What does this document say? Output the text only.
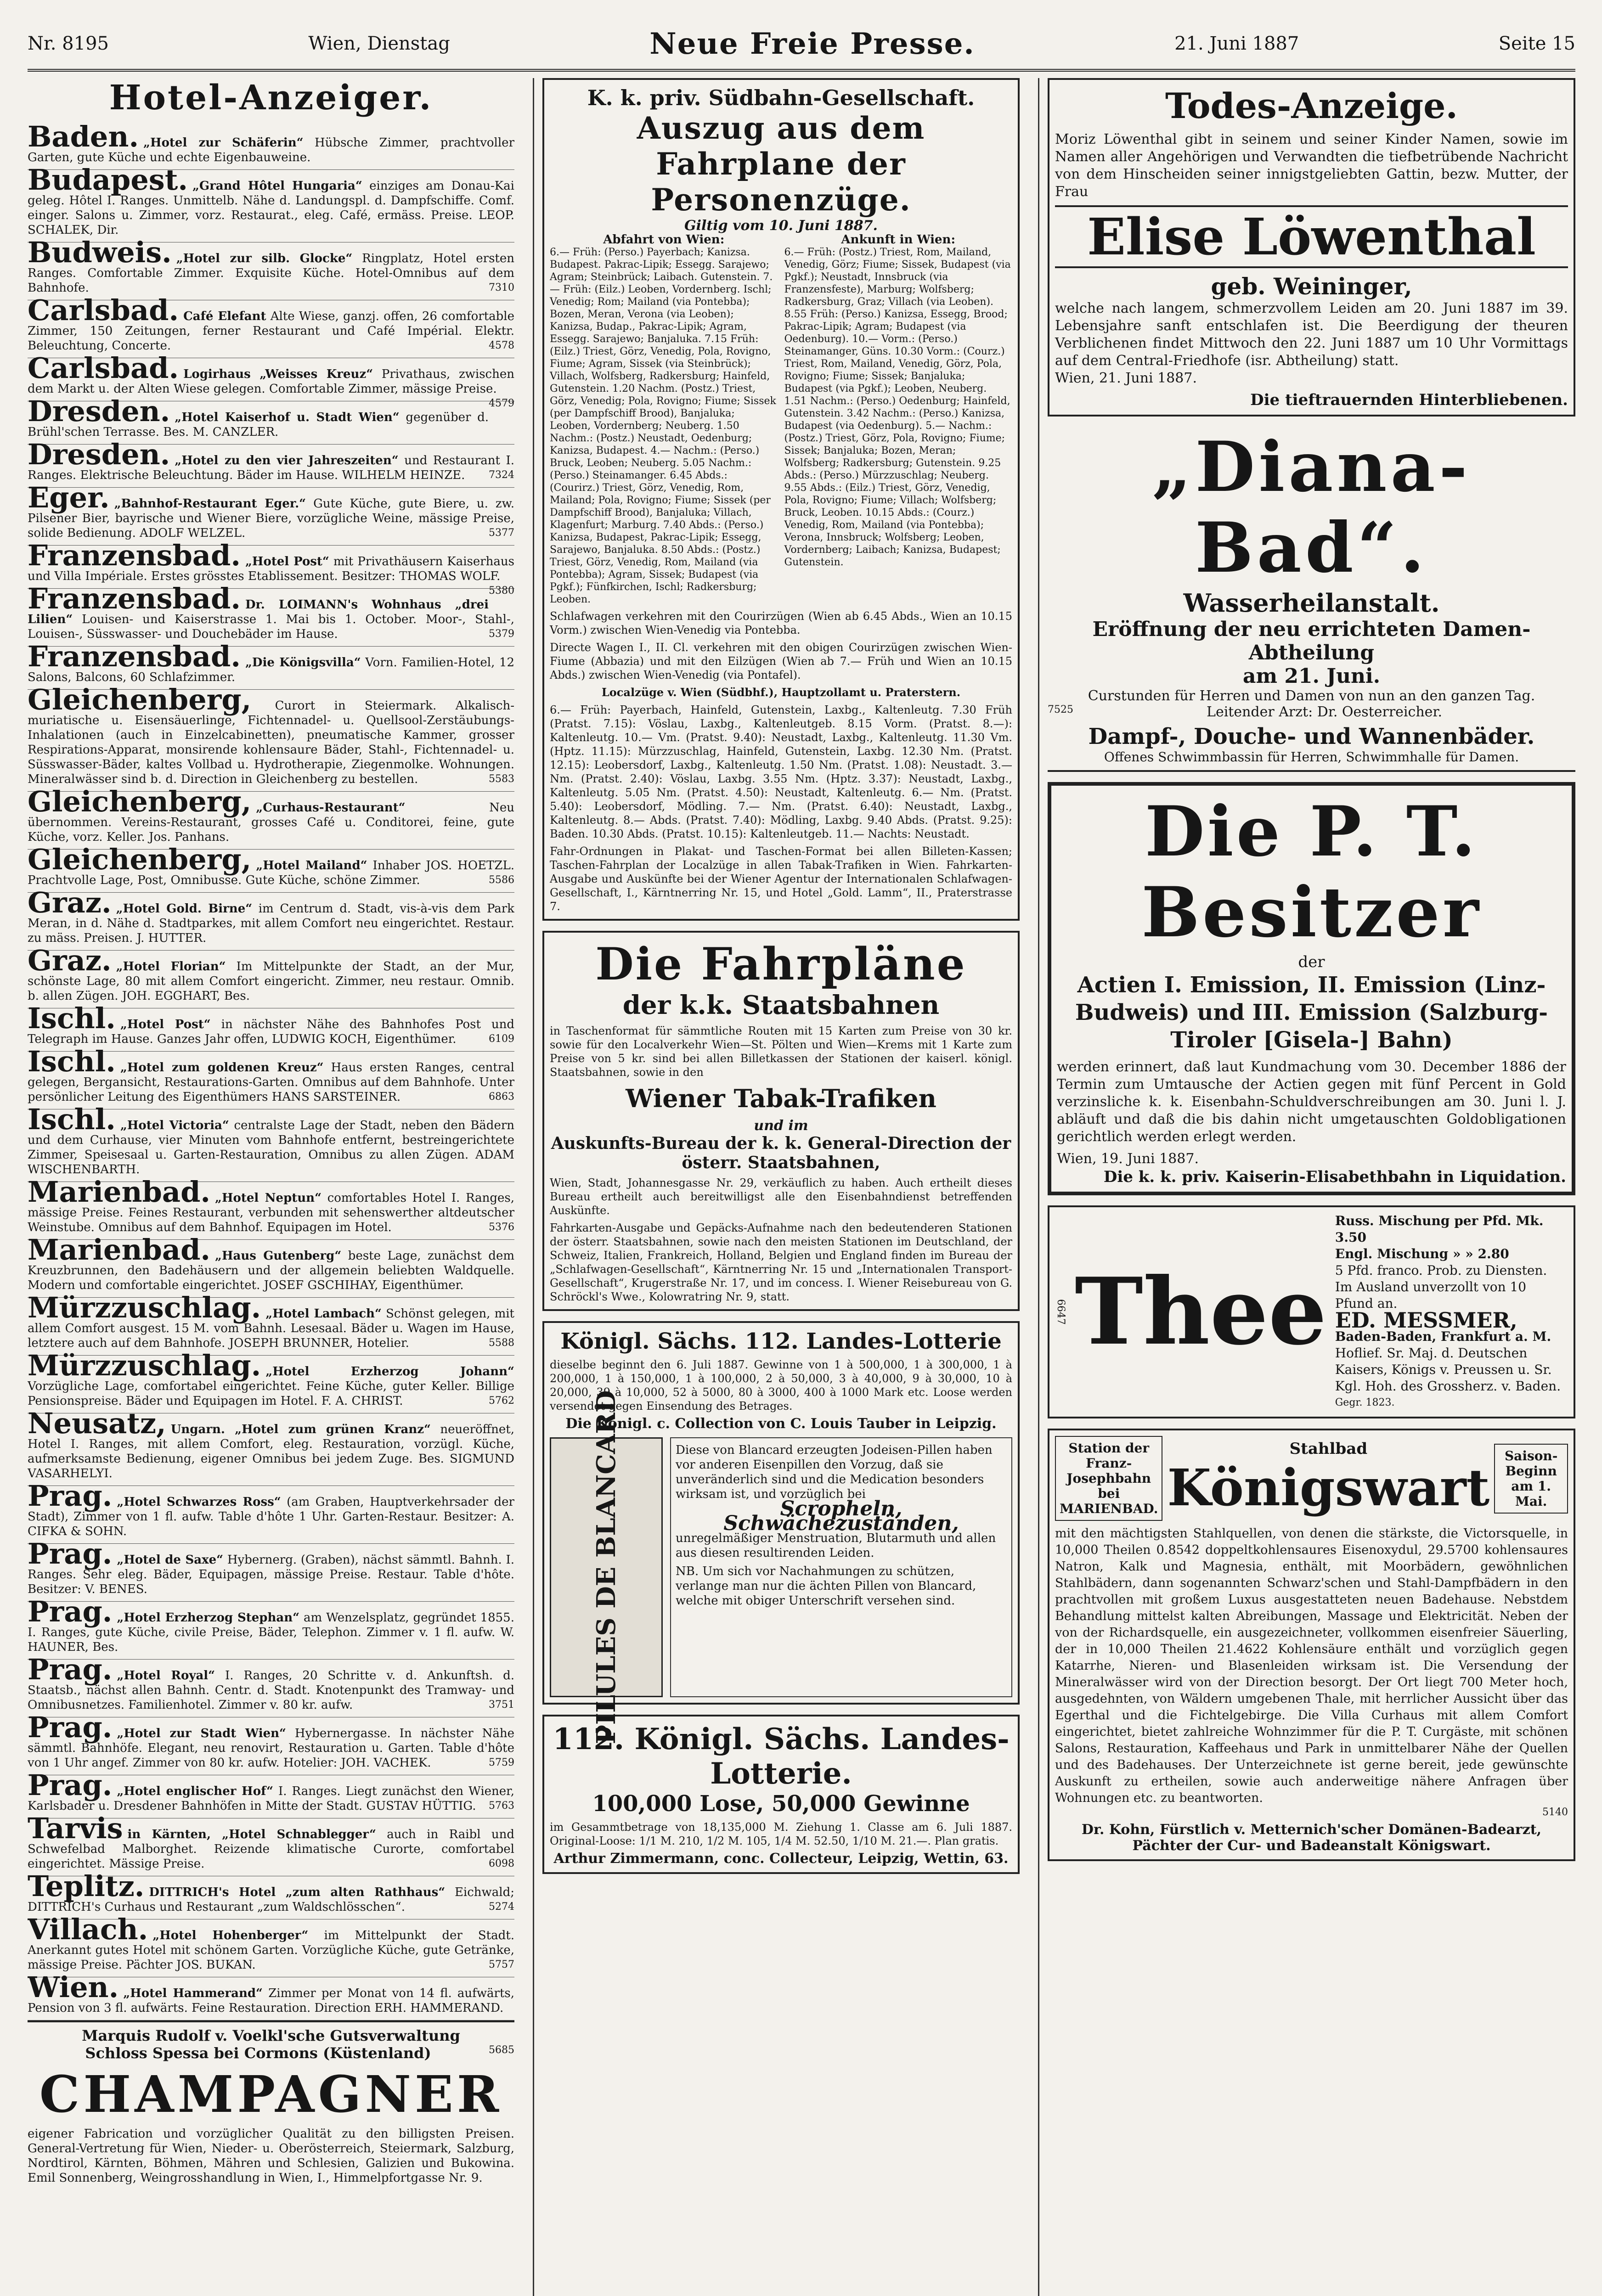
Nr. 8195	Wien, Dienstag	Neue Freie Presse.	21. Juni 1887	Seite 15
Hotel-Anzeiger.
Baden. „Hotel zur Schäferin“ Hübsche Zimmer, prachtvoller Garten, gute Küche und echte Eigenbauweine.
Budapest. „Grand Hôtel Hungaria“ einziges am Donau-Kai geleg. Hôtel I. Ranges. Unmittelb. Nähe d. Landungspl. d. Dampfschiffe. Comf. einger. Salons u. Zimmer, vorz. Restaurat., eleg. Café, ermäss. Preise. LEOP. SCHALEK, Dir.
Budweis. „Hotel zur silb. Glocke“ Ringplatz, Hotel ersten Ranges. Comfortable Zimmer. Exquisite Küche. Hotel-Omnibus auf dem Bahnhofe.	7310
Carlsbad. Café Elefant Alte Wiese, ganzj. offen, 26 comfortable Zimmer, 150 Zeitungen, ferner Restaurant und Café Impérial. Elektr. Beleuchtung, Concerte.	4578
Carlsbad. Logirhaus „Weisses Kreuz“ Privathaus, zwischen dem Markt u. der Alten Wiese gelegen. Comfortable Zimmer, mässige Preise.
4579
Dresden. „Hotel Kaiserhof u. Stadt Wien“ gegenüber d. Brühl'schen Terrasse. Bes. M. CANZLER.
Dresden. „Hotel zu den vier Jahreszeiten“ und Restaurant I. Ranges. Elektrische Beleuchtung. Bäder im Hause. WILHELM HEINZE. 7324
Eger. „Bahnhof-Restaurant Eger.“ Gute Küche, gute Biere, u. zw. Pilsener Bier, bayrische und Wiener Biere, vorzügliche Weine, mässige Preise, solide Bedienung. ADOLF WELZEL.	5377
Franzensbad. „Hotel Post“ mit Privathäusern Kaiserhaus und Villa Impériale. Erstes grösstes Etablissement. Besitzer: THOMAS WOLF.
5380
Franzensbad. Dr. LOIMANN's Wohnhaus „drei Lilien“ Louisen- und Kaiserstrasse 1. Mai bis 1. October. Moor-, Stahl-, Louisen-, Süsswasser- und Douchebäder im Hause.	5379
Franzensbad. „Die Königsvilla“ Vorn. Familien-Hotel, 12 Salons, Balcons, 60 Schlafzimmer.
Gleichenberg, Curort in Steiermark. Alkalisch-muriatische u. Eisensäuerlinge, Fichtennadel- u. Quellsool-Zerstäubungs-Inhalationen (auch in Einzelcabinetten), pneumatische Kammer, grosser Respirations-Apparat, monsirende kohlensaure Bäder, Stahl-, Fichtennadel- u. Süsswasser-Bäder, kaltes Vollbad u. Hydrotherapie, Ziegenmolke. Wohnungen. Mineralwässer sind b. d. Direction in Gleichenberg zu bestellen.	5583
Gleichenberg, „Curhaus-Restaurant“	Neu übernommen. Vereins-Restaurant, grosses Café u. Conditorei, feine, gute Küche, vorz. Keller. Jos. Panhans.
Gleichenberg, „Hotel Mailand“ Inhaber JOS. HOETZL. Prachtvolle Lage, Post, Omnibusse. Gute Küche, schöne Zimmer.	5586
Graz. „Hotel Gold. Birne“ im Centrum d. Stadt, vis-à-vis dem Park Meran, in d. Nähe d. Stadtparkes, mit allem Comfort neu eingerichtet. Restaur. zu mäss. Preisen. J. HUTTER.
Graz. „Hotel Florian“ Im Mittelpunkte der Stadt, an der Mur, schönste Lage, 80 mit allem Comfort eingericht. Zimmer, neu restaur. Omnib. b. allen Zügen. JOH. EGGHART, Bes.
Ischl. „Hotel Post“ in nächster Nähe des Bahnhofes Post und Telegraph im Hause. Ganzes Jahr offen, LUDWIG KOCH, Eigenthümer.	6109
Ischl. „Hotel zum goldenen Kreuz“ Haus ersten Ranges, central gelegen, Bergansicht, Restaurations-Garten. Omnibus auf dem Bahnhofe. Unter persönlicher Leitung des Eigenthümers HANS SARSTEINER.	6863
Ischl. „Hotel Victoria“ centralste Lage der Stadt, neben den Bädern und dem Curhause, vier Minuten vom Bahnhofe entfernt, bestreingerichtete Zimmer, Speisesaal u. Garten-Restauration, Omnibus zu allen Zügen. ADAM WISCHENBARTH.
Marienbad. „Hotel Neptun“ comfortables Hotel I. Ranges, mässige Preise. Feines Restaurant, verbunden mit sehenswerther altdeutscher Weinstube. Omnibus auf dem Bahnhof. Equipagen im Hotel.	5376
Marienbad. „Haus Gutenberg“ beste Lage, zunächst dem Kreuzbrunnen, den Badehäusern und der allgemein beliebten Waldquelle. Modern und comfortable eingerichtet. JOSEF GSCHIHAY, Eigenthümer.
Mürzzuschlag. „Hotel Lambach“ Schönst gelegen, mit allem Comfort ausgest. 15 M. vom Bahnh. Lesesaal. Bäder u. Wagen im Hause, letztere auch auf dem Bahnhofe. JOSEPH BRUNNER, Hotelier.	5588
Mürzzuschlag. „Hotel Erzherzog Johann“ Vorzügliche Lage, comfortabel eingerichtet. Feine Küche, guter Keller. Billige Pensionspreise. Bäder und Equipagen im Hotel. F. A. CHRIST.	5762
Neusatz, Ungarn. „Hotel zum grünen Kranz“ neueröffnet, Hotel I. Ranges, mit allem Comfort, eleg. Restauration, vorzügl. Küche, aufmerksamste Bedienung, eigener Omnibus bei jedem Zuge. Bes. SIGMUND VASARHELYI.
Prag. „Hotel Schwarzes Ross“ (am Graben, Hauptverkehrsader der Stadt), Zimmer von 1 fl. aufw. Table d'hôte 1 Uhr. Garten-Restaur. Besitzer: A. CIFKA & SOHN.
Prag. „Hotel de Saxe“ Hybernerg. (Graben), nächst sämmtl. Bahnh. I. Ranges. Sehr eleg. Bäder, Equipagen, mässige Preise. Restaur. Table d'hôte. Besitzer: V. BENES.
Prag. „Hotel Erzherzog Stephan“ am Wenzelsplatz, gegründet 1855. I. Ranges, gute Küche, civile Preise, Bäder, Telephon. Zimmer v. 1 fl. aufw. W. HAUNER, Bes.
Prag. „Hotel Royal“ I. Ranges, 20 Schritte v. d. Ankunftsh. d. Staatsb., nächst allen Bahnh. Centr. d. Stadt. Knotenpunkt des Tramway- und Omnibusnetzes. Familienhotel. Zimmer v. 80 kr. aufw.	3751
Prag. „Hotel zur Stadt Wien“ Hybernergasse. In nächster Nähe sämmtl. Bahnhöfe. Elegant, neu renovirt, Restauration u. Garten. Table d'hôte von 1 Uhr angef. Zimmer von 80 kr. aufw. Hotelier: JOH. VACHEK.	5759
Prag. „Hotel englischer Hof“ I. Ranges. Liegt zunächst den Wiener, Karlsbader u. Dresdener Bahnhöfen in Mitte der Stadt. GUSTAV HÜTTIG. 5763
Tarvis in Kärnten, „Hotel Schnablegger“ auch in Raibl und Schwefelbad Malborghet. Reizende klimatische Curorte, comfortabel eingerichtet. Mässige Preise.	6098
Teplitz. DITTRICH's Hotel „zum alten Rathhaus“ Eichwald; DITTRICH's Curhaus und Restaurant „zum Waldschlösschen“.	5274
Villach. „Hotel Hohenberger“ im Mittelpunkt der Stadt. Anerkannt gutes Hotel mit schönem Garten. Vorzügliche Küche, gute Getränke, mässige Preise. Pächter JOS. BUKAN.	5757
Wien. „Hotel Hammerand“ Zimmer per Monat von 14 fl. aufwärts, Pension von 3 fl. aufwärts. Feine Restauration. Direction ERH. HAMMERAND.
Marquis Rudolf v. Voelkl'sche Gutsverwaltung
Schloss Spessa bei Cormons (Küstenland)	5685
CHAMPAGNER
eigener Fabrication und vorzüglicher Qualität zu den billigsten Preisen. General-Vertretung für Wien, Nieder- u. Oberösterreich, Steiermark, Salzburg, Nordtirol, Kärnten, Böhmen, Mähren und Schlesien, Galizien und Bukowina. Emil Sonnenberg, Weingrosshandlung in Wien, I., Himmelpfortgasse Nr. 9.
K. k. priv. Südbahn-Gesellschaft.
Auszug aus dem Fahrplane der Personenzüge.
Giltig vom 10. Juni 1887.
Abfahrt von Wien:
6.— Früh: (Perso.) Payerbach; Kanizsa. Budapest. Pakrac-Lipik; Essegg. Sarajewo; Agram; Steinbrück; Laibach. Gutenstein. 7.— Früh: (Eilz.) Leoben, Vordernberg. Ischl; Venedig; Rom; Mailand (via Pontebba); Bozen, Meran, Verona (via Leoben); Kanizsa, Budap., Pakrac-Lipik; Agram, Essegg. Sarajewo; Banjaluka. 7.15 Früh: (Eilz.) Triest, Görz, Venedig, Pola, Rovigno, Fiume; Agram, Sissek (via Steinbrück); Villach, Wolfsberg, Radkersburg; Hainfeld, Gutenstein. 1.20 Nachm. (Postz.) Triest, Görz, Venedig; Pola, Rovigno; Fiume; Sissek (per Dampfschiff Brood), Banjaluka; Leoben, Vordernberg; Neuberg. 1.50 Nachm.: (Postz.) Neustadt, Oedenburg; Kanizsa, Budapest. 4.— Nachm.: (Perso.) Bruck, Leoben; Neuberg. 5.05 Nachm.: (Perso.) Steinamanger. 6.45 Abds.: (Courirz.) Triest, Görz, Venedig, Rom, Mailand; Pola, Rovigno; Fiume; Sissek (per Dampfschiff Brood), Banjaluka; Villach, Klagenfurt; Marburg. 7.40 Abds.: (Perso.) Kanizsa, Budapest, Pakrac-Lipik; Essegg, Sarajewo, Banjaluka. 8.50 Abds.: (Postz.) Triest, Görz, Venedig, Rom, Mailand (via Pontebba); Agram, Sissek; Budapest (via Pgkf.); Fünfkirchen, Ischl; Radkersburg; Leoben.
Ankunft in Wien:
6.— Früh: (Postz.) Triest, Rom, Mailand, Venedig, Görz; Fiume; Sissek, Budapest (via Pgkf.); Neustadt, Innsbruck (via Franzensfeste), Marburg; Wolfsberg; Radkersburg, Graz; Villach (via Leoben). 8.55 Früh: (Perso.) Kanizsa, Essegg, Brood; Pakrac-Lipik; Agram; Budapest (via Oedenburg). 10.— Vorm.: (Perso.) Steinamanger, Güns. 10.30 Vorm.: (Courz.) Triest, Rom, Mailand, Venedig, Görz, Pola, Rovigno; Fiume; Sissek; Banjaluka; Budapest (via Pgkf.); Leoben, Neuberg. 1.51 Nachm.: (Perso.) Oedenburg; Hainfeld, Gutenstein. 3.42 Nachm.: (Perso.) Kanizsa, Budapest (via Oedenburg). 5.— Nachm.: (Postz.) Triest, Görz, Pola, Rovigno; Fiume; Sissek; Banjaluka; Bozen, Meran; Wolfsberg; Radkersburg; Gutenstein. 9.25 Abds.: (Perso.) Mürzzuschlag; Neuberg. 9.55 Abds.: (Eilz.) Triest, Görz, Venedig, Pola, Rovigno; Fiume; Villach; Wolfsberg; Bruck, Leoben. 10.15 Abds.: (Courz.) Venedig, Rom, Mailand (via Pontebba); Verona, Innsbruck; Wolfsberg; Leoben, Vordernberg; Laibach; Kanizsa, Budapest; Gutenstein.
Schlafwagen verkehren mit den Courirzügen (Wien ab 6.45 Abds., Wien an 10.15 Vorm.) zwischen Wien-Venedig via Pontebba.
Directe Wagen I., II. Cl. verkehren mit den obigen Courirzügen zwischen Wien-Fiume (Abbazia) und mit den Eilzügen (Wien ab 7.— Früh und Wien an 10.15 Abds.) zwischen Wien-Venedig (via Pontafel).
Localzüge v. Wien (Südbhf.), Hauptzollamt u. Praterstern.
6.— Früh: Payerbach, Hainfeld, Gutenstein, Laxbg., Kaltenleutg. 7.30 Früh (Pratst. 7.15): Vöslau, Laxbg., Kaltenleutgeb. 8.15 Vorm. (Pratst. 8.—): Kaltenleutg. 10.— Vm. (Pratst. 9.40): Neustadt, Laxbg., Kaltenleutg. 11.30 Vm. (Hptz. 11.15): Mürzzuschlag, Hainfeld, Gutenstein, Laxbg. 12.30 Nm. (Pratst. 12.15): Leobersdorf, Laxbg., Kaltenleutg. 1.50 Nm. (Pratst. 1.08): Neustadt. 3.— Nm. (Pratst. 2.40): Vöslau, Laxbg. 3.55 Nm. (Hptz. 3.37): Neustadt, Laxbg., Kaltenleutg. 5.05 Nm. (Pratst. 4.50): Neustadt, Kaltenleutg. 6.— Nm. (Pratst. 5.40): Leobersdorf, Mödling. 7.— Nm. (Pratst. 6.40): Neustadt, Laxbg., Kaltenleutg. 8.— Abds. (Pratst. 7.40): Mödling, Laxbg. 9.40 Abds. (Pratst. 9.25): Baden. 10.30 Abds. (Pratst. 10.15): Kaltenleutgeb. 11.— Nachts: Neustadt.
Fahr-Ordnungen in Plakat- und Taschen-Format bei allen Billeten-Kassen; Taschen-Fahrplan der Localzüge in allen Tabak-Trafiken in Wien. Fahrkarten-Ausgabe und Auskünfte bei der Wiener Agentur der Internationalen Schlafwagen-Gesellschaft, I., Kärntnerring Nr. 15, und Hotel „Gold. Lamm“, II., Praterstrasse 7.
Die Fahrpläne
der k.k. Staatsbahnen
in Taschenformat für sämmtliche Routen mit 15 Karten zum Preise von 30 kr. sowie für den Localverkehr Wien—St. Pölten und Wien—Krems mit 1 Karte zum Preise von 5 kr. sind bei allen Billetkassen der Stationen der kaiserl. königl. Staatsbahnen, sowie in den
Wiener Tabak-Trafiken
und im
Auskunfts-Bureau der k. k. General-Direction der österr. Staatsbahnen,
Wien, Stadt, Johannesgasse Nr. 29, verkäuflich zu haben. Auch ertheilt dieses Bureau ertheilt auch bereitwilligst alle den Eisenbahndienst betreffenden Auskünfte.
Fahrkarten-Ausgabe und Gepäcks-Aufnahme nach den bedeutenderen Stationen der österr. Staatsbahnen, sowie nach den meisten Stationen im Deutschland, der Schweiz, Italien, Frankreich, Holland, Belgien und England finden im Bureau der „Schlafwagen-Gesellschaft“, Kärntnerring Nr. 15 und „Internationalen Transport-Gesellschaft“, Krugerstraße Nr. 17, und im concess. I. Wiener Reisebureau von G. Schröckl's Wwe., Kolowratring Nr. 9, statt.
Königl. Sächs. 112. Landes-Lotterie
dieselbe beginnt den 6. Juli 1887. Gewinne von 1 à 500,000, 1 à 300,000, 1 à 200,000, 1 à 150,000, 1 à 100,000, 2 à 50,000, 3 à 40,000, 9 à 30,000, 10 à 20,000, 39 à 10,000, 52 à 5000, 80 à 3000, 400 à 1000 Mark etc. Loose werden versendet gegen Einsendung des Betrages.
Die Königl. c. Collection von C. Louis Tauber in Leipzig.
PILULES DE BLANCARD	Diese von Blancard erzeugten Jodeisen-Pillen haben vor anderen Eisenpillen den Vorzug, daß sie unveränderlich sind und die Medication besonders wirksam ist, und vorzüglich bei
Scropheln, Schwächezuständen,
unregelmäßiger Menstruation, Blutarmuth und allen aus diesen resultirenden Leiden.
NB. Um sich vor Nachahmungen zu schützen, verlange man nur die ächten Pillen von Blancard, welche mit obiger Unterschrift versehen sind.
112. Königl. Sächs. Landes-Lotterie.
100,000 Lose, 50,000 Gewinne
im Gesammtbetrage von 18,135,000 M. Ziehung 1. Classe am 6. Juli 1887. Original-Loose: 1/1 M. 210, 1/2 M. 105, 1/4 M. 52.50, 1/10 M. 21.—. Plan gratis.
Arthur Zimmermann, conc. Collecteur, Leipzig, Wettin, 63.
Todes-Anzeige.
Moriz Löwenthal gibt in seinem und seiner Kinder Namen, sowie im Namen aller Angehörigen und Verwandten die tiefbetrübende Nachricht von dem Hinscheiden seiner innigstgeliebten Gattin, bezw. Mutter, der Frau
Elise Löwenthal
geb. Weininger,
welche nach langem, schmerzvollem Leiden am 20. Juni 1887 im 39. Lebensjahre sanft entschlafen ist. Die Beerdigung der theuren Verblichenen findet Mittwoch den 22. Juni 1887 um 10 Uhr Vormittags auf dem Central-Friedhofe (isr. Abtheilung) statt.
Wien, 21. Juni 1887.
Die tieftrauernden Hinterbliebenen.
„Diana-Bad“.
Wasserheilanstalt.
Eröffnung der neu errichteten Damen-Abtheilung
am 21. Juni.
Curstunden für Herren und Damen von nun an den ganzen Tag.
Leitender Arzt: Dr. Oesterreicher.
7525
Dampf-, Douche- und Wannenbäder.
Offenes Schwimmbassin für Herren, Schwimmhalle für Damen.
Die P. T. Besitzer
der
Actien I. Emission, II. Emission (Linz-Budweis) und III. Emission (Salzburg-Tiroler [Gisela-] Bahn)
werden erinnert, daß laut Kundmachung vom 30. December 1886 der Termin zum Umtausche der Actien gegen mit fünf Percent in Gold verzinsliche k. k. Eisenbahn-Schuldverschreibungen am 30. Juni l. J. abläuft und daß die bis dahin nicht umgetauschten Goldobligationen gerichtlich werden erlegt werden.
Wien, 19. Juni 1887.
Die k. k. priv. Kaiserin-Elisabethbahn in Liquidation.
6647 Thee
Russ. Mischung per Pfd. Mk. 3.50
Engl. Mischung » » 2.80
5 Pfd. franco. Prob. zu Diensten. Im Ausland unverzollt von 10 Pfund an.
ED. MESSMER,
Baden-Baden, Frankfurt a. M.
Hoflief. Sr. Maj. d. Deutschen Kaisers, Königs v. Preussen u. Sr. Kgl. Hoh. des Grossherz. v. Baden.
Gegr. 1823.
Station der Franz-Josephbahn bei MARIENBAD.
Stahlbad
Königswart
Saison-Beginn am 1. Mai.
mit den mächtigsten Stahlquellen, von denen die stärkste, die Victorsquelle, in 10,000 Theilen 0.8542 doppeltkohlensaures Eisenoxydul, 29.5700 kohlensaures Natron, Kalk und Magnesia, enthält, mit Moorbädern, gewöhnlichen Stahlbädern, dann sogenannten Schwarz'schen und Stahl-Dampfbädern in den prachtvollen mit großem Luxus ausgestatteten neuen Badehause. Nebstdem Behandlung mittelst kalten Abreibungen, Massage und Elektricität. Neben der von der Richardsquelle, ein ausgezeichneter, vollkommen eisenfreier Säuerling, der in 10,000 Theilen 21.4622 Kohlensäure enthält und vorzüglich gegen Katarrhe, Nieren- und Blasenleiden wirksam ist. Die Versendung der Mineralwässer wird von der Direction besorgt. Der Ort liegt 700 Meter hoch, ausgedehnten, von Wäldern umgebenen Thale, mit herrlicher Aussicht über das Egerthal und die Fichtelgebirge. Die Villa Curhaus mit allem Comfort eingerichtet, bietet zahlreiche Wohnzimmer für die P. T. Curgäste, mit schönen Salons, Restauration, Kaffeehaus und Park in unmittelbarer Nähe der Quellen und des Badehauses. Der Unterzeichnete ist gerne bereit, jede gewünschte Auskunft zu ertheilen, sowie auch anderweitige nähere Anfragen über Wohnungen etc. zu beantworten.
5140
Dr. Kohn, Fürstlich v. Metternich'scher Domänen-Badearzt, Pächter der Cur- und Badeanstalt Königswart.
